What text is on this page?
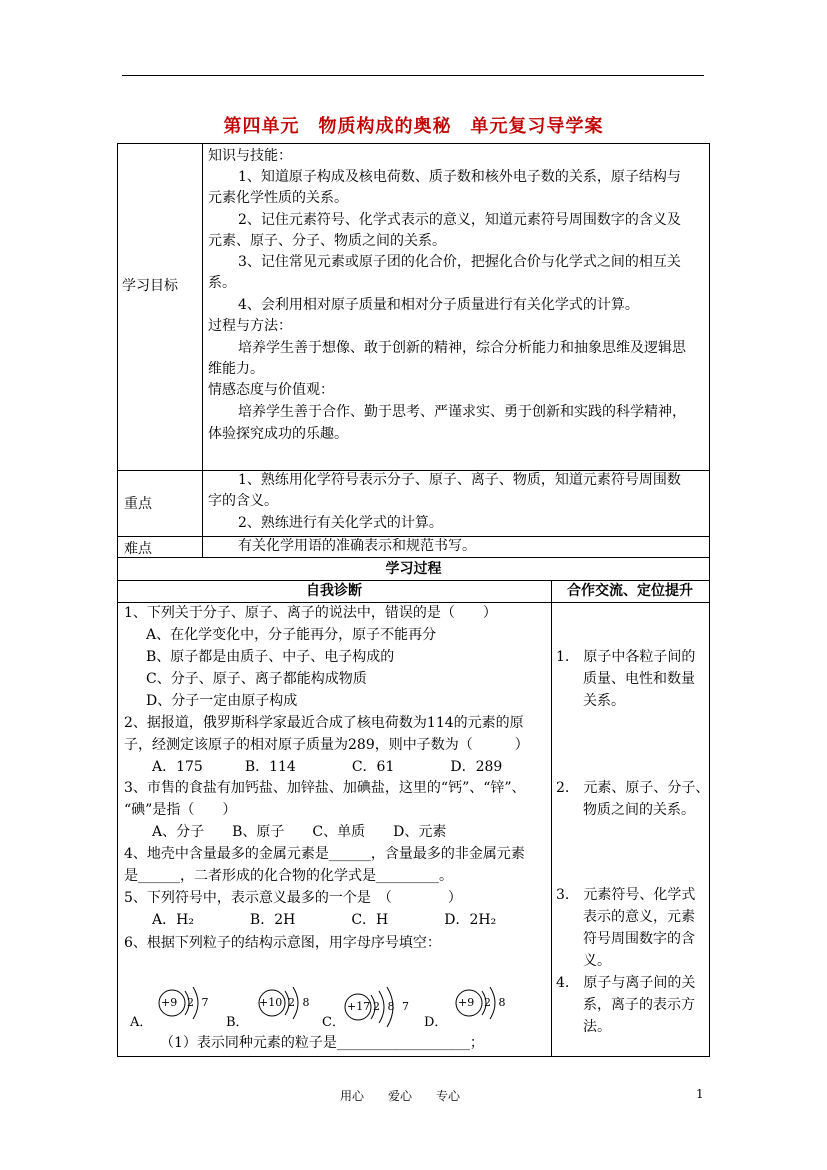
第四单元　物质构成的奥秘　单元复习导学案
学习目标
重点
难点
知识与技能：
1、知道原子构成及核电荷数、质子数和核外电子数的关系，原子结构与
元素化学性质的关系。
2、记住元素符号、化学式表示的意义，知道元素符号周围数字的含义及
元素、原子、分子、物质之间的关系。
3、记住常见元素或原子团的化合价，把握化合价与化学式之间的相互关
系。
4、会利用相对原子质量和相对分子质量进行有关化学式的计算。
过程与方法：
培养学生善于想像、敢于创新的精神，综合分析能力和抽象思维及逻辑思
维能力。
情感态度与价值观：
培养学生善于合作、勤于思考、严谨求实、勇于创新和实践的科学精神，
体验探究成功的乐趣。
1、熟练用化学符号表示分子、原子、离子、物质，知道元素符号周围数
字的含义。
2、熟练进行有关化学式的计算。
有关化学用语的准确表示和规范书写。
学习过程
自我诊断	合作交流、定位提升
1、下列关于分子、原子、离子的说法中，错误的是（　　）
A、在化学变化中，分子能再分，原子不能再分
B、原子都是由质子、中子、电子构成的
C、分子、原子、离子都能构成物质
D、分子一定由原子构成
2、据报道，俄罗斯科学家最近合成了核电荷数为114的元素的原
子，经测定该原子的相对原子质量为289，则中子数为（　　　）
A．175　　　B．114　　　　C．61　　　　D．289
3、市售的食盐有加钙盐、加锌盐、加碘盐，这里的“钙”、“锌”、
“碘”是指（　　）
A、分子　　B、原子　　C、单质　　D、元素
4、地壳中含量最多的金属元素是______，含量最多的非金属元素
是______，二者形成的化合物的化学式是_________。
5、下列符号中，表示意义最多的一个是　（　　　　）
A．H₂　　　　B．2H　　　　C．H　　　　D．2H₂
6、根据下列粒子的结构示意图，用字母序号填空：
（1）表示同种元素的粒子是___________________；
A．
+9 2 7
B．
+10 2 8
C．
+17 2 8 7
D．
+9 2 8
1.　原子中各粒子间的
质量、电性和数量
关系。
2.　元素、原子、分子、
物质之间的关系。
3.　元素符号、化学式
表示的意义，元素
符号周围数字的含
义。
4.　原子与离子间的关
系，离子的表示方
法。
用心　　爱心　　专心	1
